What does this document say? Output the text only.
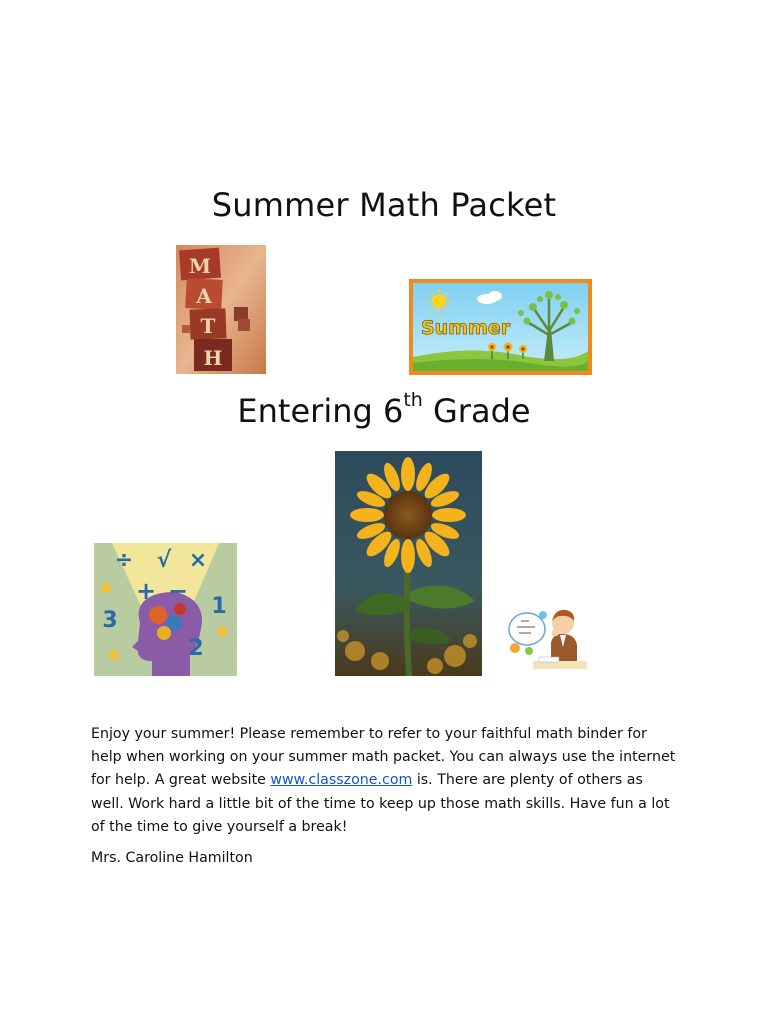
Summer Math Packet
M
A
T
H
Summer
Entering 6th Grade
÷ √ ×
+ −
3
1
2
Enjoy your summer! Please remember to refer to your faithful math binder for help when working on your summer math packet. You can always use the internet for help. A great website www.classzone.com is. There are plenty of others as well. Work hard a little bit of the time to keep up those math skills. Have fun a lot of the time to give yourself a break!
Mrs. Caroline Hamilton
